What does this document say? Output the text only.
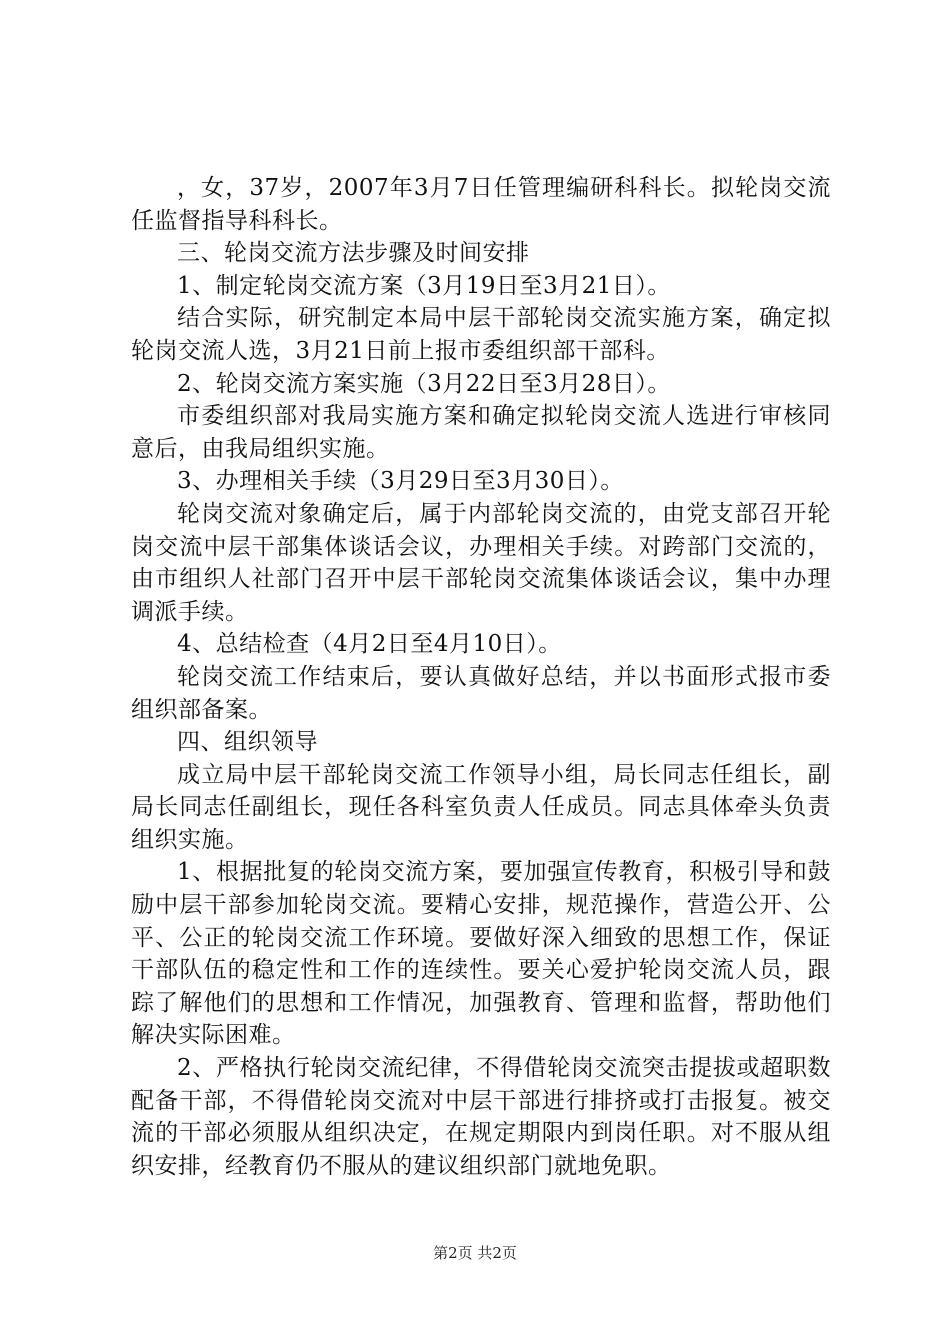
，女，37岁，2007年3月7日任管理编研科科长。拟轮岗交流任监督指导科科长。

三、轮岗交流方法步骤及时间安排

1、制定轮岗交流方案（3月19日至3月21日）。

结合实际，研究制定本局中层干部轮岗交流实施方案，确定拟轮岗交流人选，3月21日前上报市委组织部干部科。

2、轮岗交流方案实施（3月22日至3月28日）。

市委组织部对我局实施方案和确定拟轮岗交流人选进行审核同意后，由我局组织实施。

3、办理相关手续（3月29日至3月30日）。

轮岗交流对象确定后，属于内部轮岗交流的，由党支部召开轮岗交流中层干部集体谈话会议，办理相关手续。对跨部门交流的，由市组织人社部门召开中层干部轮岗交流集体谈话会议，集中办理调派手续。

4、总结检查（4月2日至4月10日）。

轮岗交流工作结束后，要认真做好总结，并以书面形式报市委组织部备案。

四、组织领导

成立局中层干部轮岗交流工作领导小组，局长同志任组长，副局长同志任副组长，现任各科室负责人任成员。同志具体牵头负责组织实施。

1、根据批复的轮岗交流方案，要加强宣传教育，积极引导和鼓励中层干部参加轮岗交流。要精心安排，规范操作，营造公开、公平、公正的轮岗交流工作环境。要做好深入细致的思想工作，保证干部队伍的稳定性和工作的连续性。要关心爱护轮岗交流人员，跟踪了解他们的思想和工作情况，加强教育、管理和监督，帮助他们解决实际困难。

2、严格执行轮岗交流纪律，不得借轮岗交流突击提拔或超职数配备干部，不得借轮岗交流对中层干部进行排挤或打击报复。被交流的干部必须服从组织决定，在规定期限内到岗任职。对不服从组织安排，经教育仍不服从的建议组织部门就地免职。

第2页 共2页
